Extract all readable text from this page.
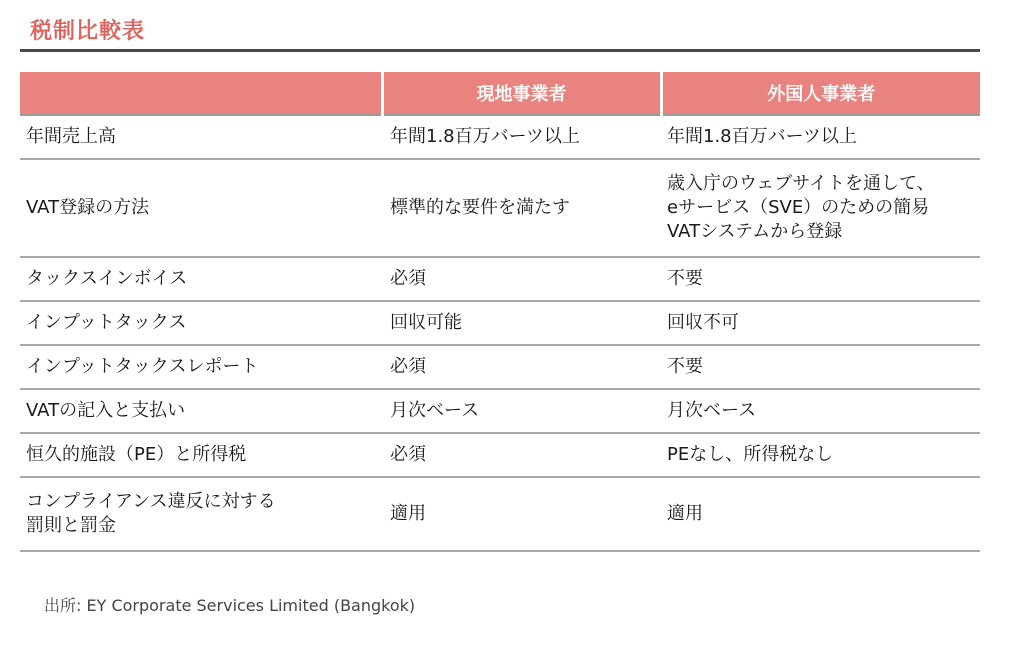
税制比較表
	現地事業者	外国人事業者
年間売上高	年間1.8百万バーツ以上	年間1.8百万バーツ以上
VAT登録の方法	標準的な要件を満たす	歳入庁のウェブサイトを通して、
eサービス（SVE）のための簡易
VATシステムから登録
タックスインボイス	必須	不要
インプットタックス	回収可能	回収不可
インプットタックスレポート	必須	不要
VATの記入と支払い	月次ベース	月次ベース
恒久的施設（PE）と所得税	必須	PEなし、所得税なし
コンプライアンス違反に対する
罰則と罰金	適用	適用
出所: EY Corporate Services Limited (Bangkok)
